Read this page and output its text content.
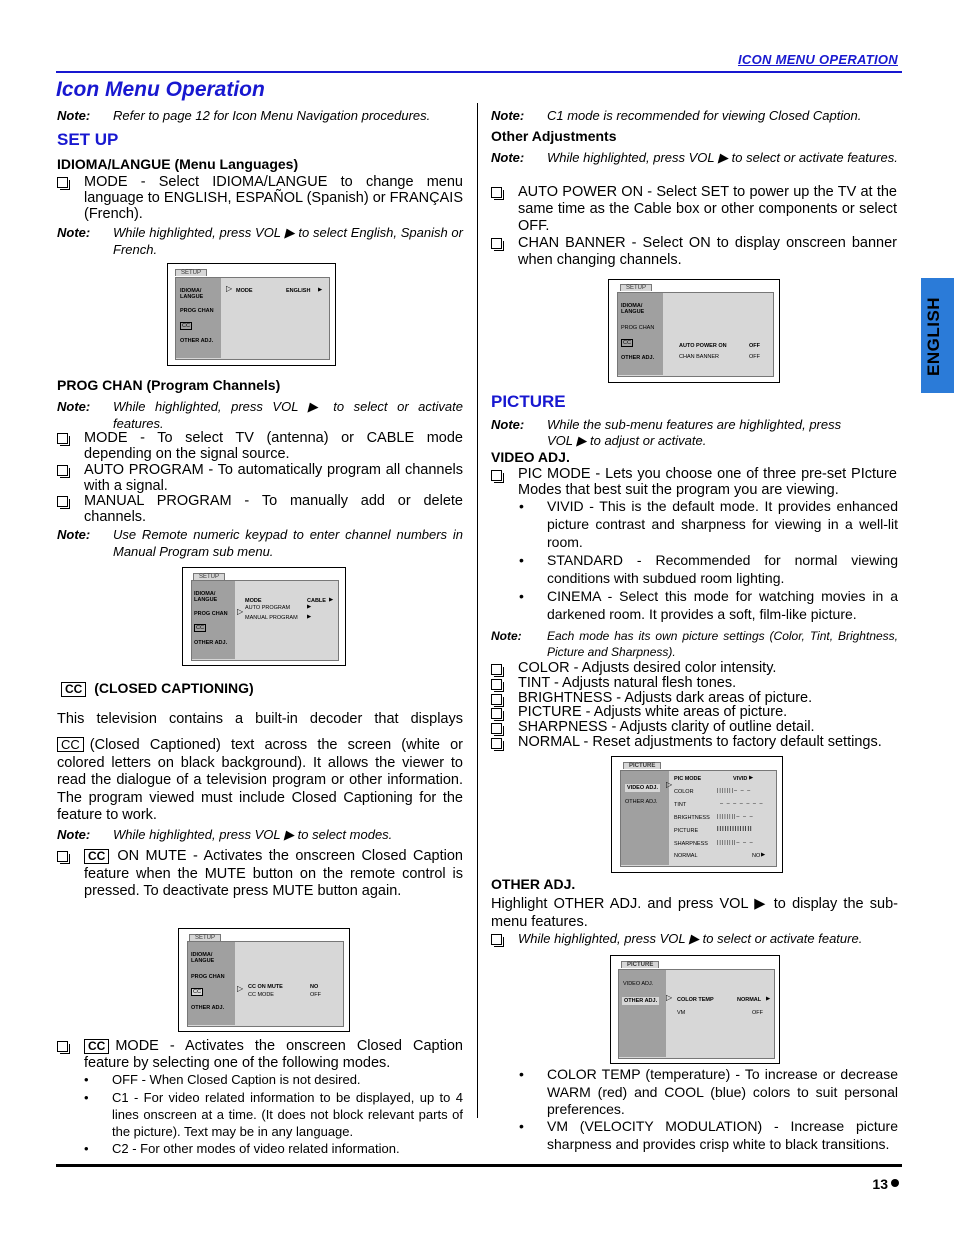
ICON MENU OPERATION
Icon Menu Operation
ENGLISH
Note: Refer to page 12 for Icon Menu Navigation procedures.
SET UP
IDIOMA/LANGUE (Menu Languages)
MODE - Select IDIOMA/LANGUE to change menu language to ENGLISH, ESPAÑOL (Spanish) or FRANÇAIS (French).
Note: While highlighted, press VOL ▶ to select English, Spanish or French.
SETUP
IDIOMA/ LANGUE
PROG CHAN
CC
OTHER ADJ.
▷ MODE	ENGLISH ▶
PROG CHAN (Program Channels)
Note: While highlighted, press VOL ▶ to select or activate features.
MODE - To select TV (antenna) or CABLE mode depending on the signal source.
AUTO PROGRAM - To automatically program all channels with a signal.
MANUAL PROGRAM - To manually add or delete channels.
Note: Use Remote numeric keypad to enter channel numbers in Manual Program sub menu.
SETUP
IDIOMA/ LANGUE
PROG CHAN
CC
OTHER ADJ.
▷
MODE	CABLE ▶
AUTO PROGRAM	▶
MANUAL PROGRAM ▶
CC (CLOSED CAPTIONING)
This television contains a built-in decoder that displays
CC (Closed Captioned) text across the screen (white or colored letters on black background). It allows the viewer to read the dialogue of a television program or other information. The program viewed must include Closed Captioning for the feature to work.
Note: While highlighted, press VOL ▶ to select modes.
CC ON MUTE - Activates the onscreen Closed Caption feature when the MUTE button on the remote control is pressed. To deactivate press MUTE button again.
SETUP
IDIOMA/ LANGUE
PROG CHAN
CC
OTHER ADJ.
▷ CC ON MUTE	NO
CC MODE	OFF
CC MODE - Activates the onscreen Closed Caption feature by selecting one of the following modes.
• OFF - When Closed Caption is not desired.
• C1 - For video related information to be displayed, up to 4 lines onscreen at a time. (It does not block relevant parts of the picture). Text may be in any language.
• C2 - For other modes of video related information.
Note: C1 mode is recommended for viewing Closed Caption.
Other Adjustments
Note: While highlighted, press VOL ▶ to select or activate features.
AUTO POWER ON - Select SET to power up the TV at the same time as the Cable box or other components or select OFF.
CHAN BANNER - Select ON to display onscreen banner when changing channels.
SETUP
IDIOMA/ LANGUE
PROG CHAN
CC
OTHER ADJ.
AUTO POWER ON	OFF
CHAN BANNER	OFF
PICTURE
Note: While the sub-menu features are highlighted, press VOL ▶ to adjust or activate.
VIDEO ADJ.
PIC MODE - Lets you choose one of three pre-set PIcture Modes that best suit the program you are viewing.
• VIVID - This is the default mode. It provides enhanced picture contrast and sharpness for viewing in a well-lit room.
• STANDARD - Recommended for normal viewing conditions with subdued room lighting.
• CINEMA - Select this mode for watching movies in a darkened room. It provides a soft, film-like picture.
Note: Each mode has its own picture settings (Color, Tint, Brightness, Picture and Sharpness).
COLOR - Adjusts desired color intensity.
TINT - Adjusts natural flesh tones.
BRIGHTNESS - Adjusts dark areas of picture.
PICTURE - Adjusts white areas of picture.
SHARPNESS - Adjusts clarity of outline detail.
NORMAL - Reset adjustments to factory default settings.
PICTURE
VIDEO ADJ.
OTHER ADJ.
▷
PIC MODE	VIVID ▶
COLOR	|||||||– – –
TINT	– – – – – – –
BRIGHTNESS ||||||||– – –
PICTURE	||||||||||||||
SHARPNESS ||||||||– – –
NORMAL	NO ▶
OTHER ADJ.
Highlight OTHER ADJ. and press VOL ▶ to display the sub-menu features.
While highlighted, press VOL ▶ to select or activate feature.
PICTURE
VIDEO ADJ.
OTHER ADJ. ▷ COLOR TEMP	NORMAL ▶
VM	OFF
• COLOR TEMP (temperature) - To increase or decrease WARM (red) and COOL (blue) colors to suit personal preferences.
• VM (VELOCITY MODULATION) - Increase picture sharpness and provides crisp white to black transitions.
13
